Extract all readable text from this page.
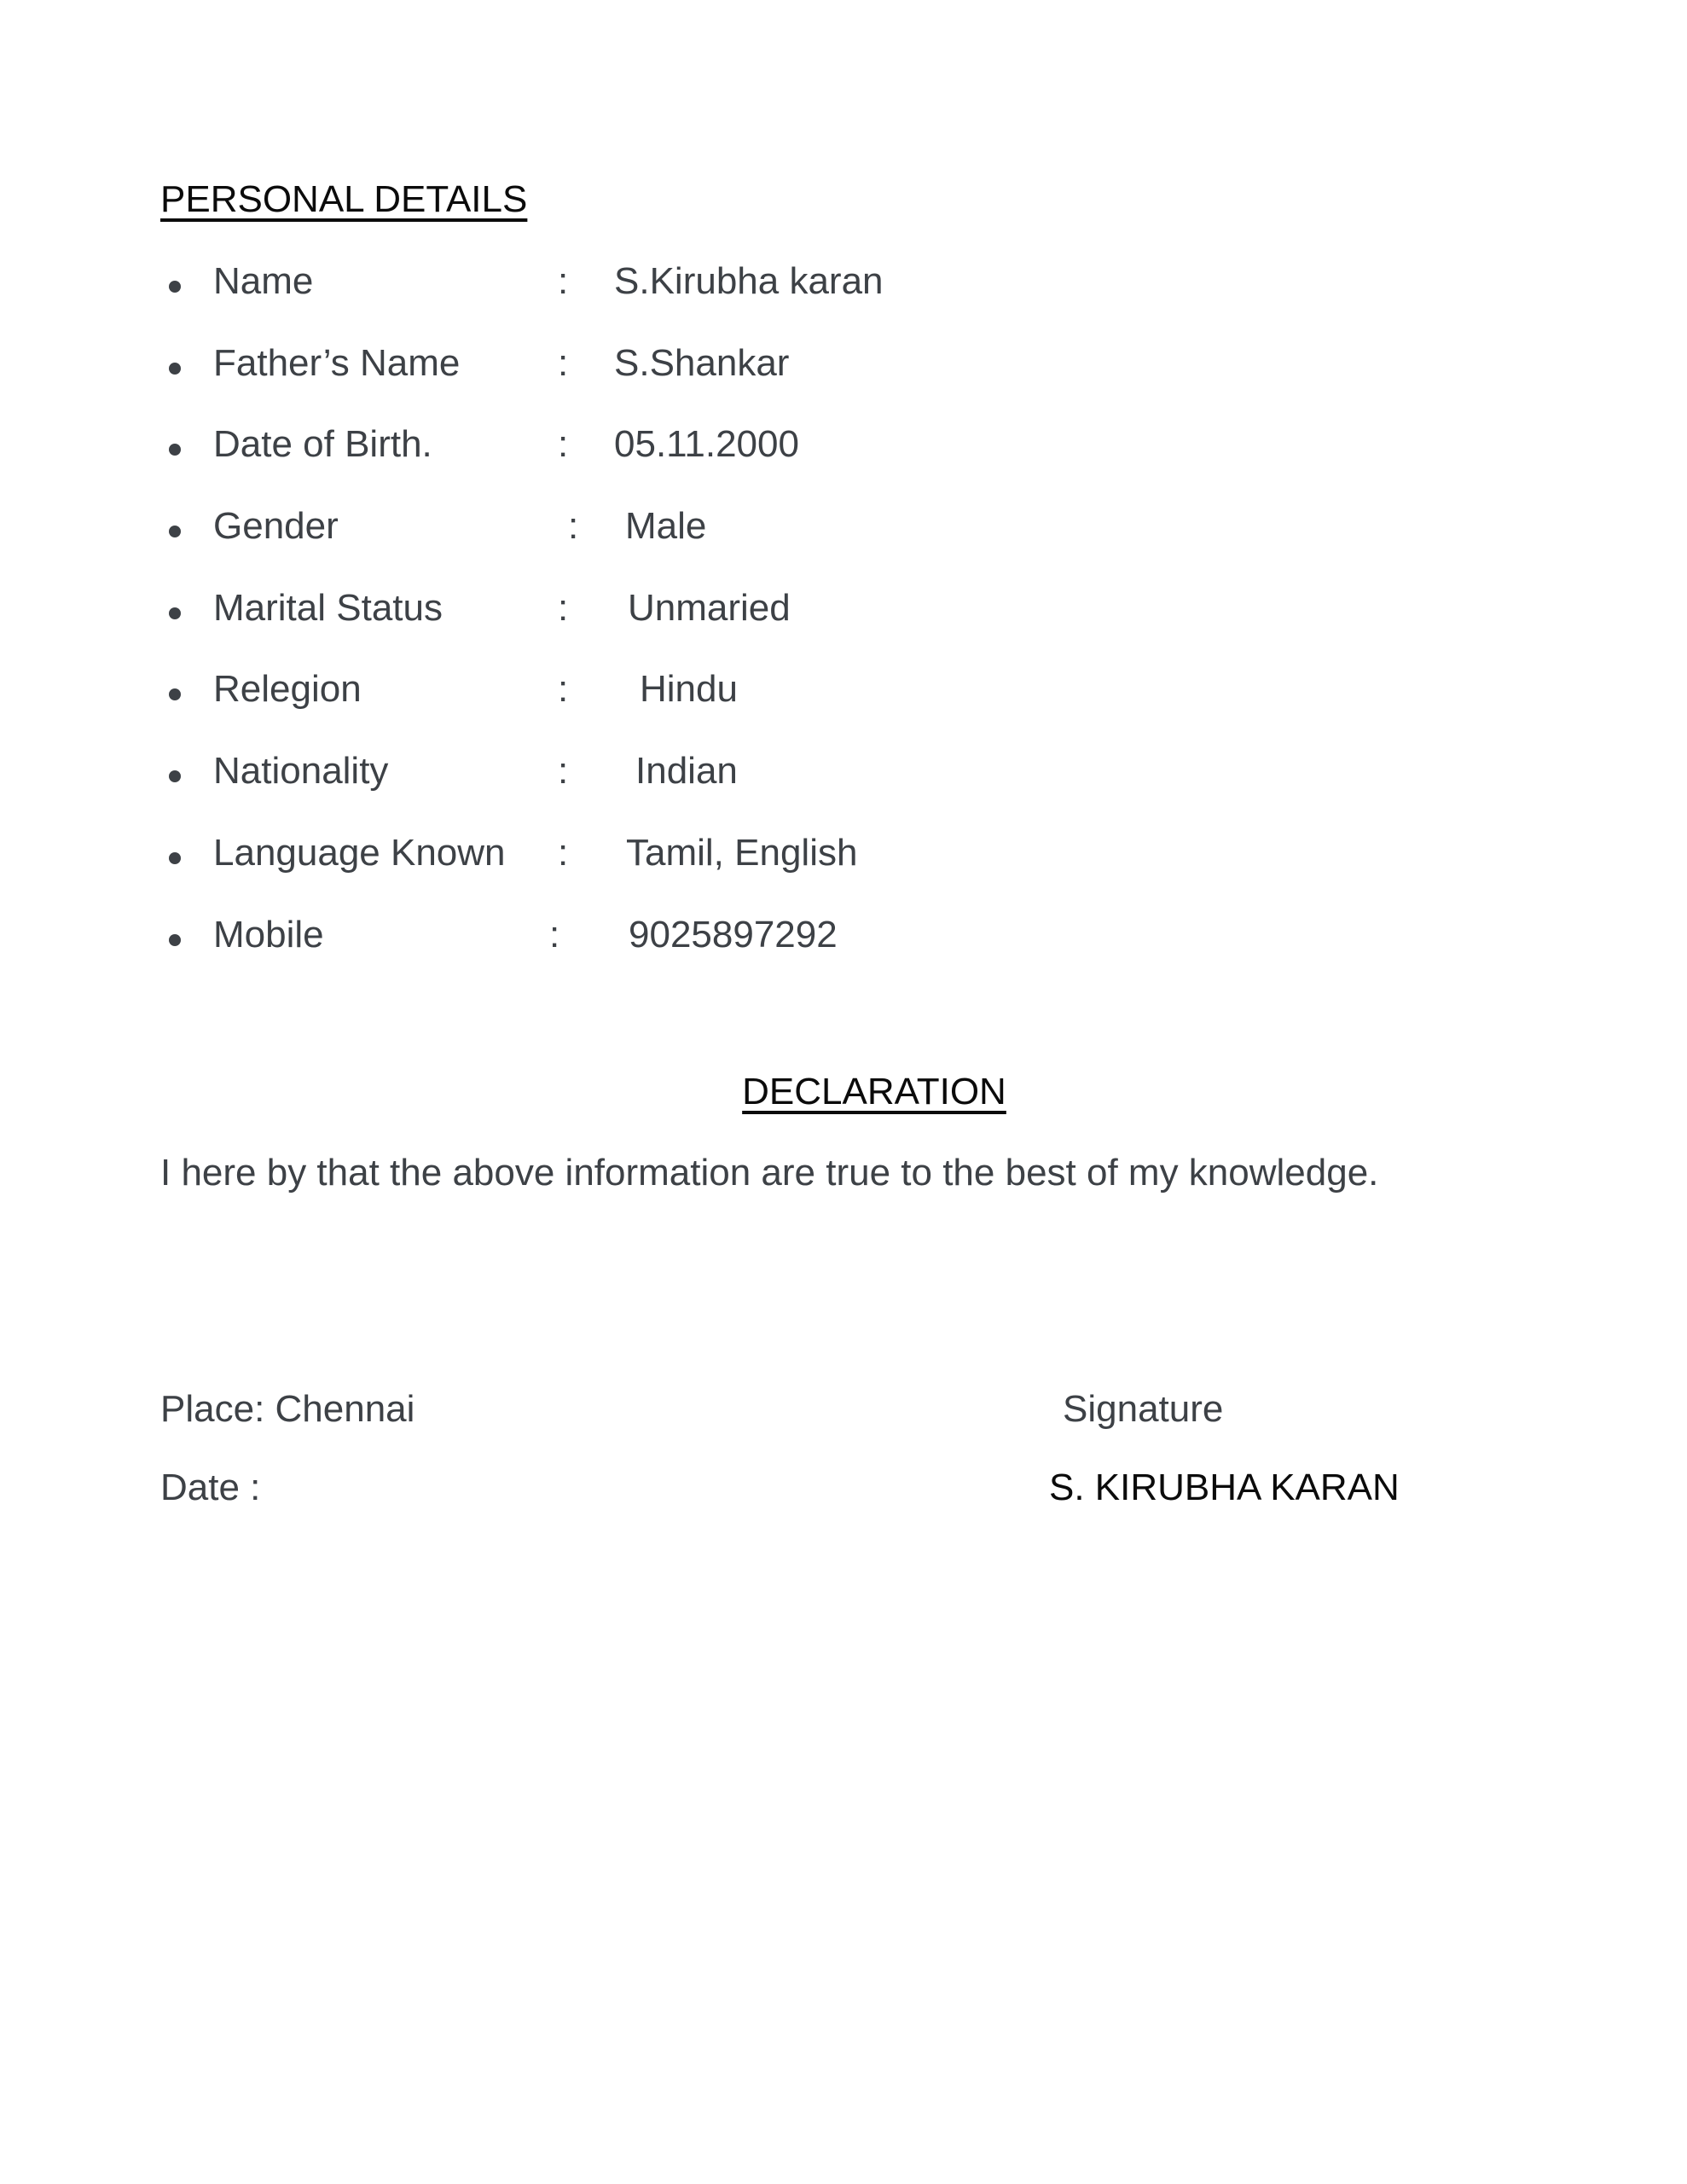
PERSONAL DETAILS
Name	: S.Kirubha karan
Father’s Name	: S.Shankar
Date of Birth.	: 05.11.2000
Gender	: Male
Marital Status	: Unmaried
Relegion	: Hindu
Nationality	: Indian
Language Known : Tamil, English
Mobile	: 9025897292
DECLARATION
I here by that the above information are true to the best of my knowledge.
Place: Chennai	Signature
Date :	S. KIRUBHA KARAN
